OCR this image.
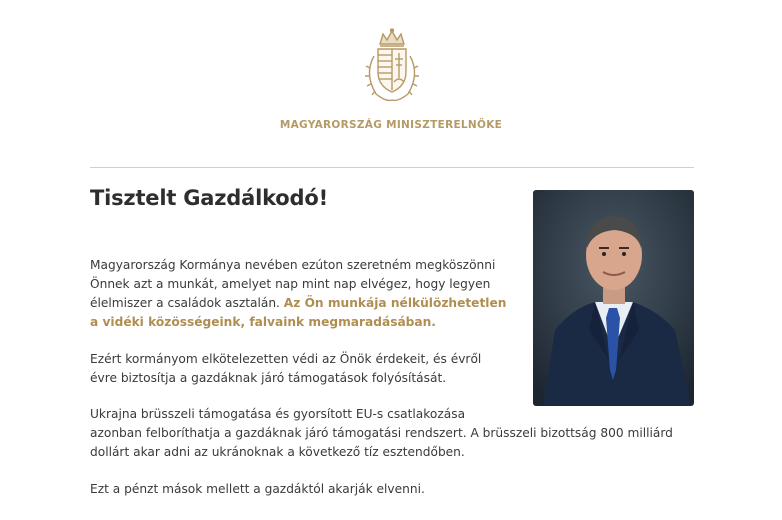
MAGYARORSZÁG MINISZTERELNÖKE
Tisztelt Gazdálkodó!
Magyarország Kormánya nevében ezúton szeretném megköszönni
Önnek azt a munkát, amelyet nap mint nap elvégez, hogy legyen
élelmiszer a családok asztalán. Az Ön munkája nélkülözhetetlen
a vidéki közösségeink, falvaink megmaradásában.
Ezért kormányom elkötelezetten védi az Önök érdekeit, és évről
évre biztosítja a gazdáknak járó támogatások folyósítását.
Ukrajna brüsszeli támogatása és gyorsított EU-s csatlakozása
azonban felboríthatja a gazdáknak járó támogatási rendszert. A brüsszeli bizottság 800 milliárd
dollárt akar adni az ukránoknak a következő tíz esztendőben.
Ezt a pénzt mások mellett a gazdáktól akarják elvenni.
